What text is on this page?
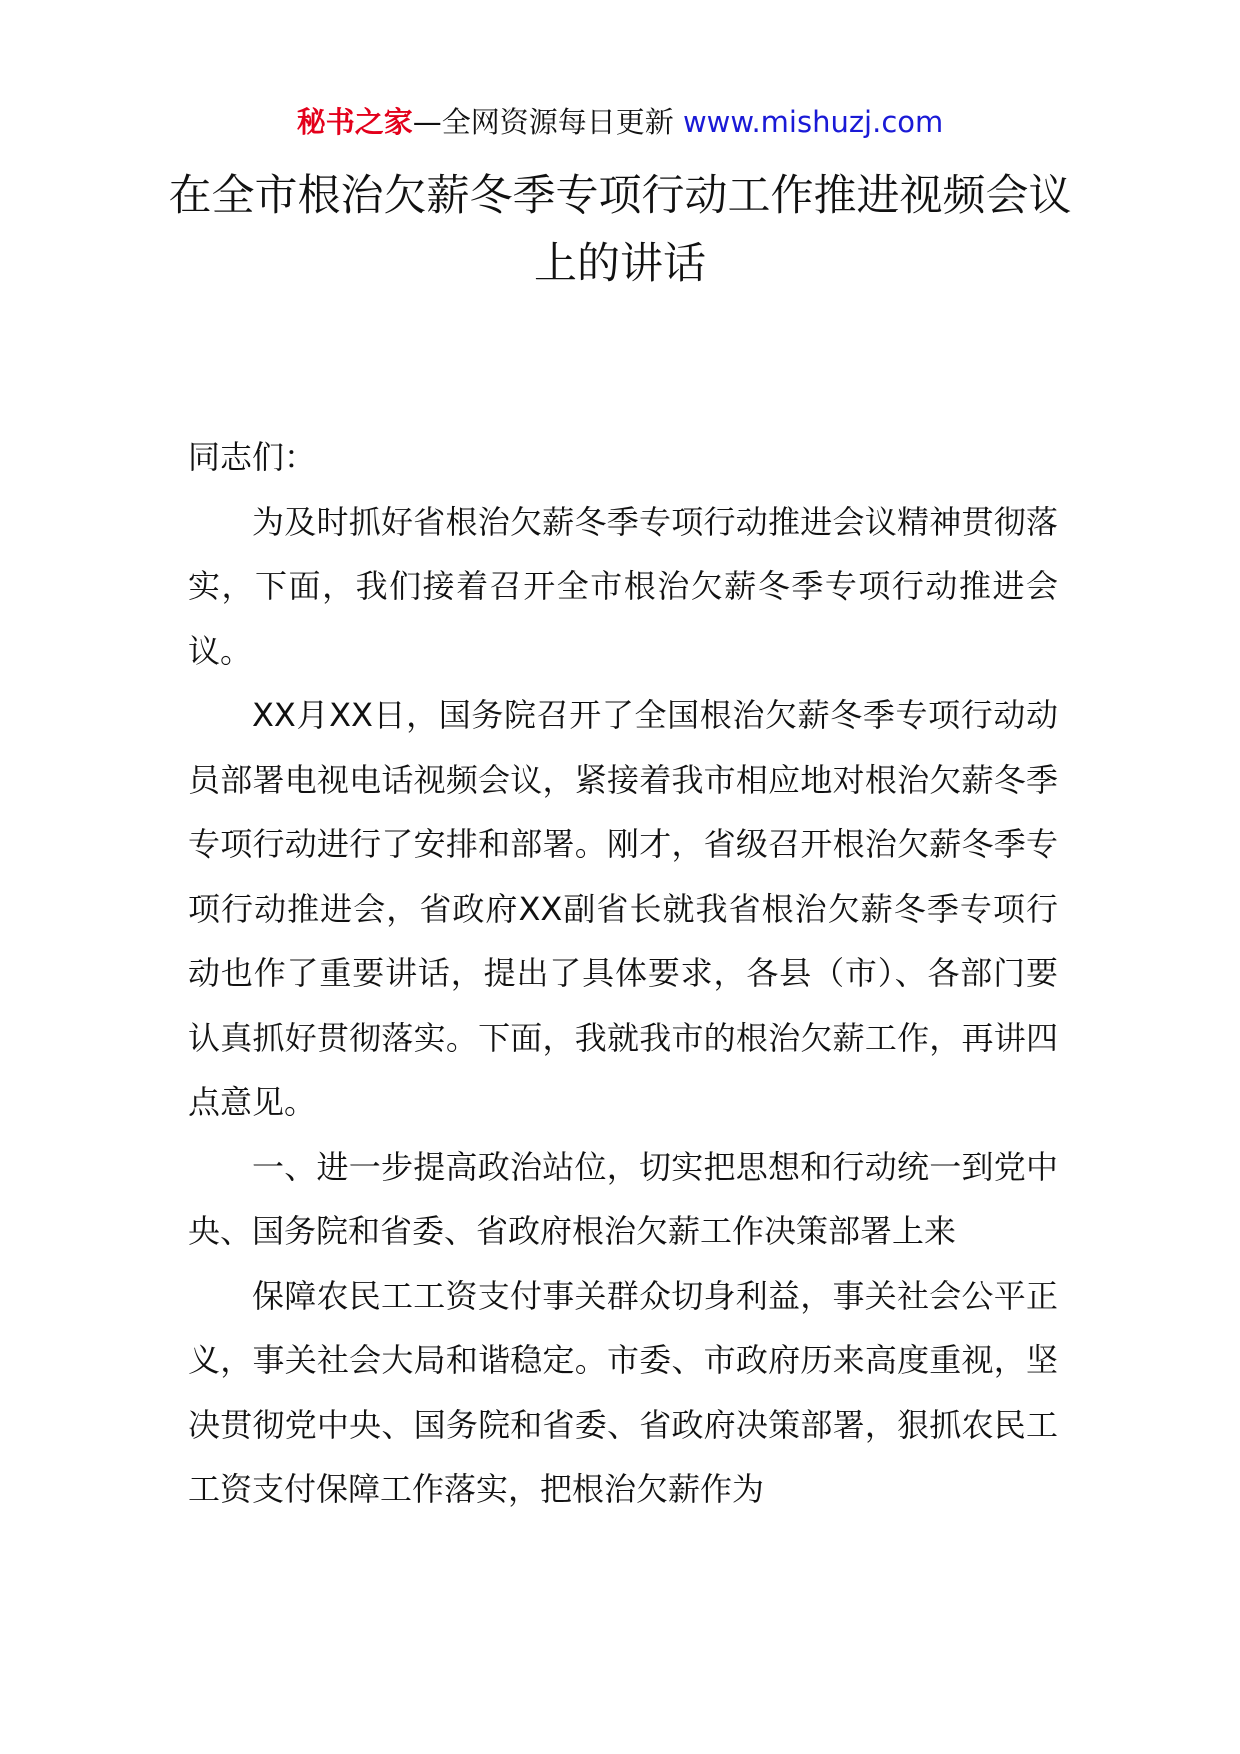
秘书之家—全网资源每日更新 www.mishuzj.com
在全市根治欠薪冬季专项行动工作推进视频会议上的讲话

同志们：

为及时抓好省根治欠薪冬季专项行动推进会议精神贯彻落实，下面，我们接着召开全市根治欠薪冬季专项行动推进会议。

XX月XX日，国务院召开了全国根治欠薪冬季专项行动动员部署电视电话视频会议，紧接着我市相应地对根治欠薪冬季专项行动进行了安排和部署。刚才，省级召开根治欠薪冬季专项行动推进会，省政府XX副省长就我省根治欠薪冬季专项行动也作了重要讲话，提出了具体要求，各县（市）、各部门要认真抓好贯彻落实。下面，我就我市的根治欠薪工作，再讲四点意见。

一、进一步提高政治站位，切实把思想和行动统一到党中央、国务院和省委、省政府根治欠薪工作决策部署上来

保障农民工工资支付事关群众切身利益，事关社会公平正义，事关社会大局和谐稳定。市委、市政府历来高度重视，坚决贯彻党中央、国务院和省委、省政府决策部署，狠抓农民工工资支付保障工作落实，把根治欠薪作为
